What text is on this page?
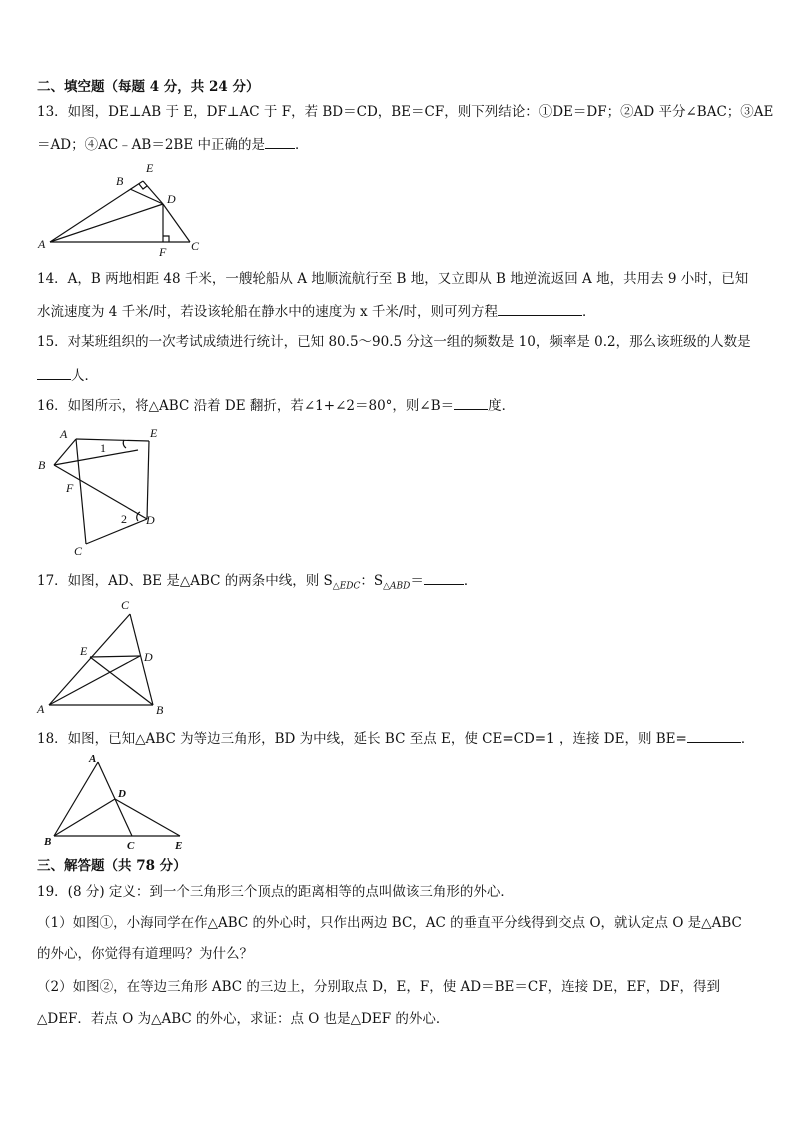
二、填空题（每题 4 分，共 24 分）
13．如图，DE⊥AB 于 E，DF⊥AC 于 F，若 BD＝CD，BE＝CF，则下列结论：①DE＝DF；②AD 平分∠BAC；③AE
＝AD；④AC﹣AB＝2BE 中正确的是 ．
A
B
C
D
E
F
14．A，B 两地相距 48 千米，一艘轮船从 A 地顺流航行至 B 地，又立即从 B 地逆流返回 A 地，共用去 9 小时，已知
水流速度为 4 千米/时，若设该轮船在静水中的速度为 x 千米/时，则可列方程	．
15．对某班组织的一次考试成绩进行统计，已知 80.5～90.5 分这一组的频数是 10，频率是 0.2，那么该班级的人数是
人．
16．如图所示，将△ABC 沿着 DE 翻折，若∠1+∠2＝80°，则∠B＝	度．
A
B
C
D
E
F
1
2
17．如图，AD、BE 是△ABC 的两条中线，则 $S_{\triangle EDC}$：$S_{\triangle ABD}=$	．
A	B
C
D
E
18．如图，已知△ABC 为等边三角形，BD 为中线，延长 BC 至点 E，使 CE=CD=1 ，连接 DE，则 BE=	．
A
B	C
D
E
三、解答题（共 78 分）
19．(8 分) 定义：到一个三角形三个顶点的距离相等的点叫做该三角形的外心．
（1）如图①，小海同学在作△ABC 的外心时，只作出两边 BC，AC 的垂直平分线得到交点 O，就认定点 O 是△ABC
的外心，你觉得有道理吗？为什么？
（2）如图②，在等边三角形 ABC 的三边上，分别取点 D，E，F，使 AD＝BE＝CF，连接 DE，EF，DF，得到
△DEF．若点 O 为△ABC 的外心，求证：点 O 也是△DEF 的外心．
